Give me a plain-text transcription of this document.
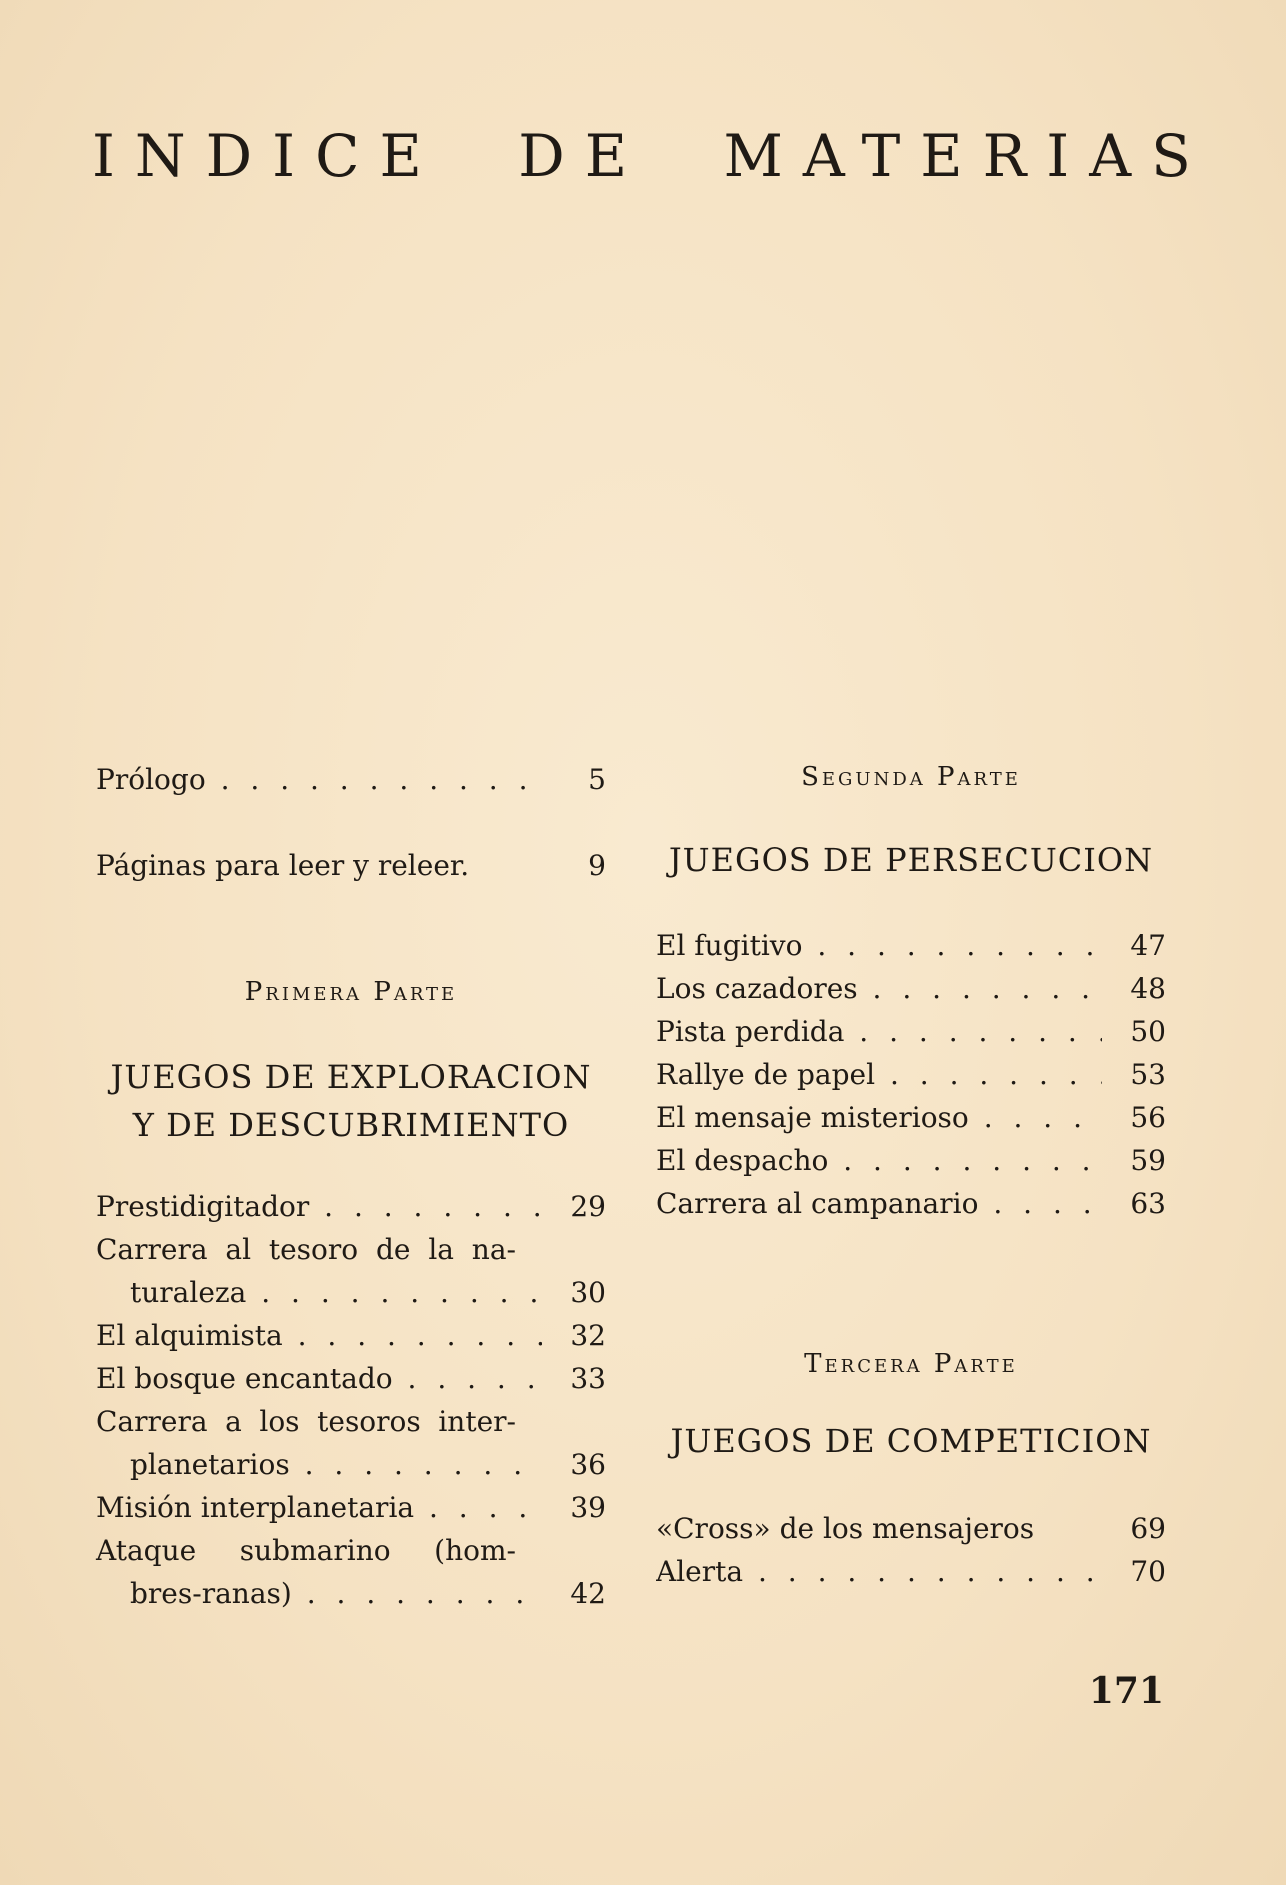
INDICE DE MATERIAS
Prólogo . . .	5
Páginas para leer y releer.	9
Primera Parte
JUEGOS DE EXPLORACION
Y DE DESCUBRIMIENTO
Prestidigitador . . .	29
Carrera al tesoro de la na-
turaleza . . .	30
El alquimista . . .	32
El bosque encantado . . .	33
Carrera a los tesoros inter-
planetarios . . .	36
Misión interplanetaria . . .	39
Ataque submarino (hom-
bres-ranas) . . .	42
Segunda Parte
JUEGOS DE PERSECUCION
El fugitivo . . .	47
Los cazadores . . .	48
Pista perdida . . .	50
Rallye de papel . . .	53
El mensaje misterioso . . .	56
El despacho . . .	59
Carrera al campanario . . .	63
Tercera Parte
JUEGOS DE COMPETICION
«Cross» de los mensajeros	69
Alerta . . .	70
171
